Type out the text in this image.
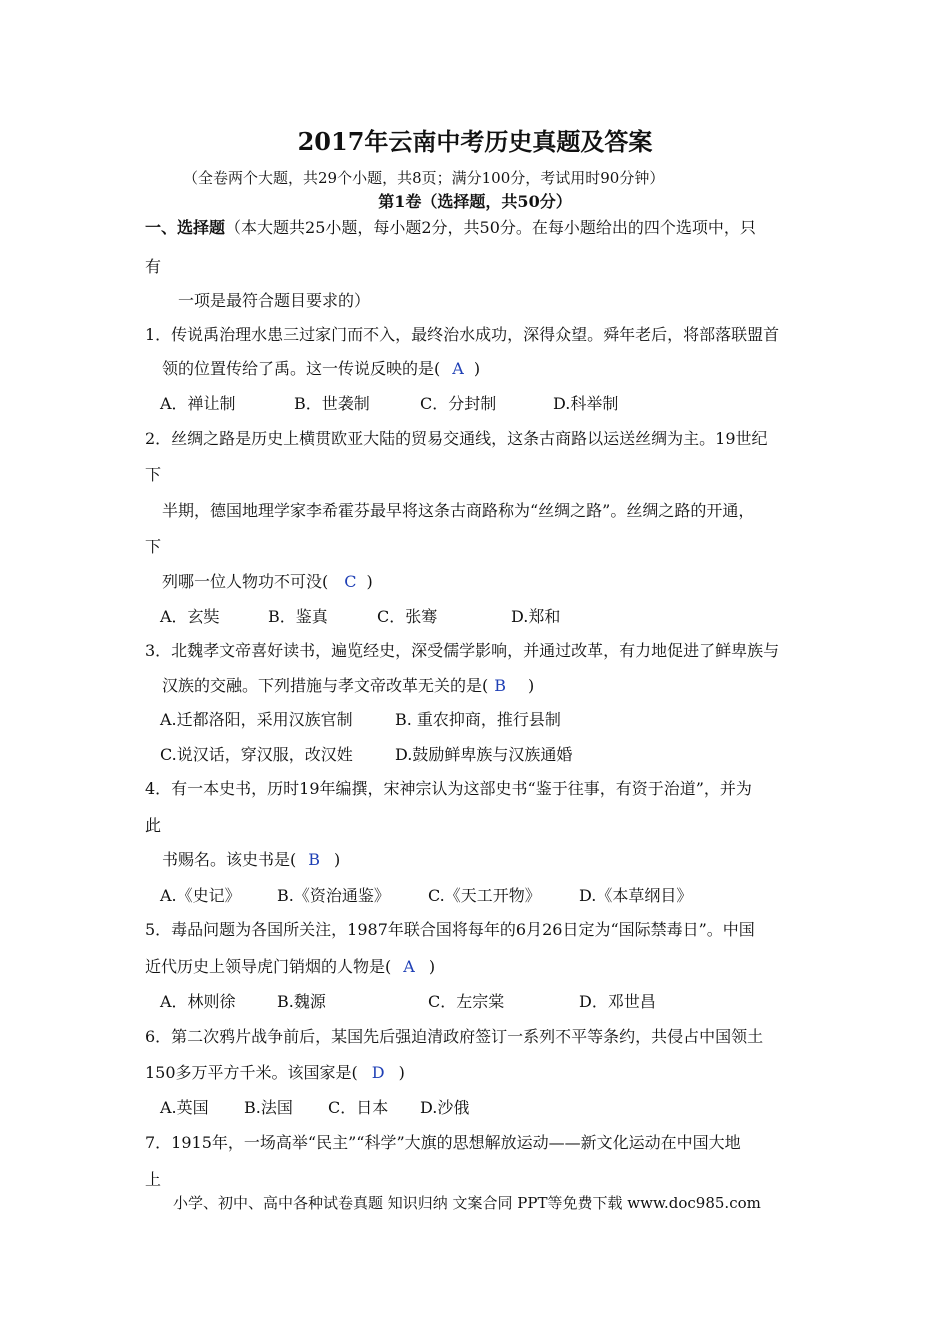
2017年云南中考历史真题及答案
（全卷两个大题，共29个小题，共8页；满分100分，考试用时90分钟）
第1卷（选择题，共50分）
一、选择题（本大题共25小题，每小题2分，共50分。在每小题给出的四个选项中，只
有
一项是最符合题目要求的）
1．传说禹治理水患三过家门而不入，最终治水成功，深得众望。舜年老后，将部落联盟首
领的位置传给了禹。这一传说反映的是( A )
A．禅让制	B．世袭制	C．分封制	D.科举制
2．丝绸之路是历史上横贯欧亚大陆的贸易交通线，这条古商路以运送丝绸为主。19世纪
下
半期，德国地理学家李希霍芬最早将这条古商路称为“丝绸之路”。丝绸之路的开通，
下
列哪一位人物功不可没( C )
A．玄奘	B．鉴真	C．张骞	D.郑和
3．北魏孝文帝喜好读书，遍览经史，深受儒学影响，并通过改革，有力地促进了鲜卑族与
汉族的交融。下列措施与孝文帝改革无关的是( B )
A.迁都洛阳，采用汉族官制	B. 重农抑商，推行县制
C.说汉话，穿汉服，改汉姓	D.鼓励鲜卑族与汉族通婚
4．有一本史书，历时19年编撰，宋神宗认为这部史书“鉴于往事，有资于治道”，并为
此
书赐名。该史书是( B )
A.《史记》 B.《资治通鉴》 C.《天工开物》 D.《本草纲目》
5．毒品问题为各国所关注，1987年联合国将每年的6月26日定为“国际禁毒日”。中国
近代历史上领导虎门销烟的人物是( A )
A．林则徐	B.魏源	C．左宗棠	D．邓世昌
6．第二次鸦片战争前后，某国先后强迫清政府签订一系列不平等条约，共侵占中国领土
150多万平方千米。该国家是( D )
A.英国 B.法国 C．日本 D.沙俄
7．1915年，一场高举“民主”“科学”大旗的思想解放运动——新文化运动在中国大地
上
小学、初中、高中各种试卷真题 知识归纳 文案合同 PPT等免费下载 www.doc985.com
